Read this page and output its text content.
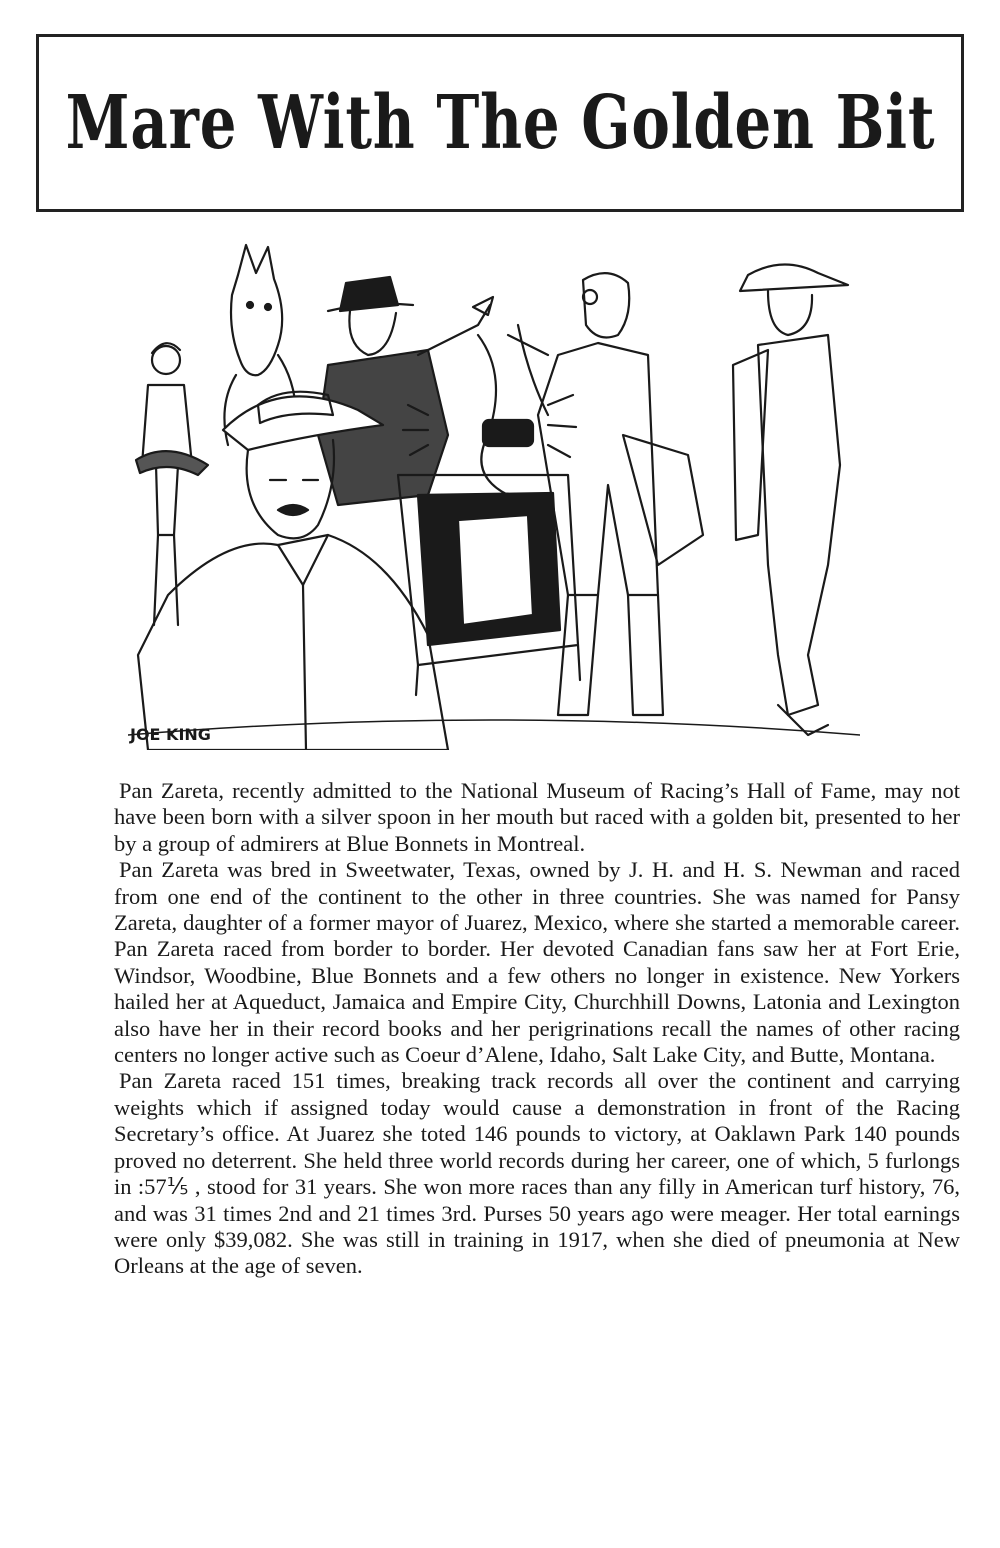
Mare With The Golden Bit
JOE KING

Pan Zareta, recently admitted to the National Museum of Racing’s Hall of Fame, may not have been born with a silver spoon in her mouth but raced with a golden bit, presented to her by a group of admirers at Blue Bonnets in Montreal.

Pan Zareta was bred in Sweetwater, Texas, owned by J. H. and H. S. Newman and raced from one end of the continent to the other in three countries. She was named for Pansy Zareta, daughter of a former mayor of Juarez, Mexico, where she started a memorable career. Pan Zareta raced from border to border. Her devoted Canadian fans saw her at Fort Erie, Windsor, Woodbine, Blue Bonnets and a few others no longer in existence. New Yorkers hailed her at Aqueduct, Jamaica and Empire City, Churchhill Downs, Latonia and Lexington also have her in their record books and her perigrinations recall the names of other racing centers no longer active such as Coeur d’Alene, Idaho, Salt Lake City, and Butte, Montana.

Pan Zareta raced 151 times, breaking track records all over the continent and carrying weights which if assigned today would cause a demonstration in front of the Racing Secretary’s office. At Juarez she toted 146 pounds to victory, at Oaklawn Park 140 pounds proved no deterrent. She held three world records during her career, one of which, 5 furlongs in :57⅕ , stood for 31 years. She won more races than any filly in American turf history, 76, and was 31 times 2nd and 21 times 3rd. Purses 50 years ago were meager. Her total earnings were only $39,082. She was still in training in 1917, when she died of pneumonia at New Orleans at the age of seven.
